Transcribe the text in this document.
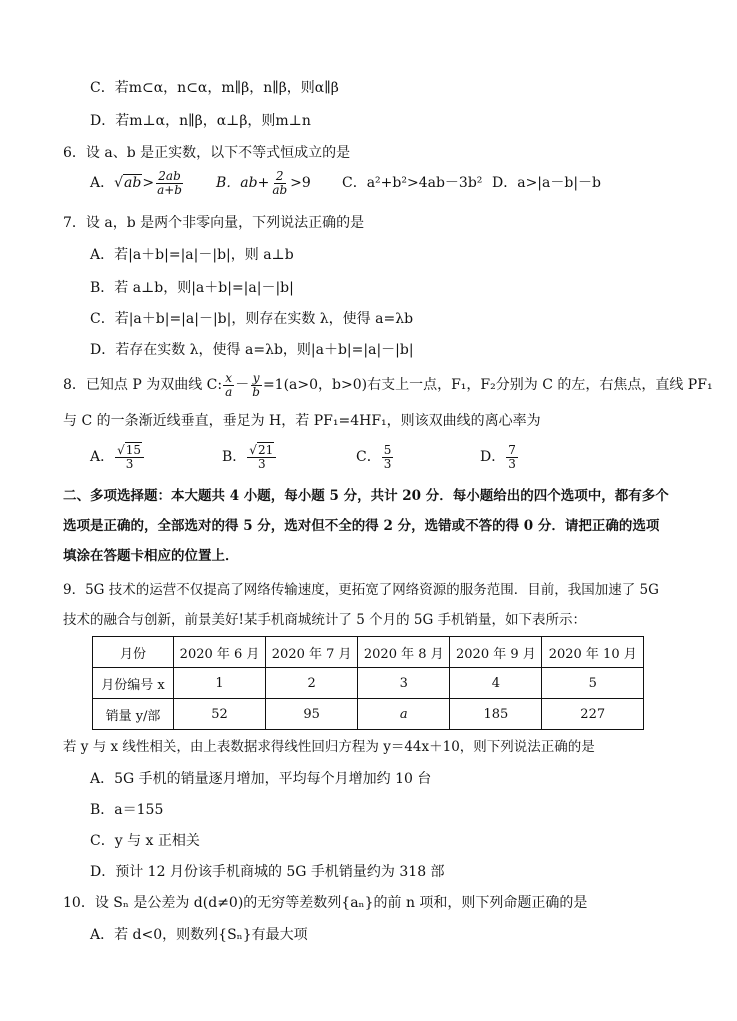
C．若m⊂α，n⊂α，m∥β，n∥β，则α∥β
D．若m⊥α，n∥β，α⊥β，则m⊥n
6．设 a、b 是正实数，以下不等式恒成立的是
A．$√ab> \frac{2ab}{a+b}$ B．$ab+ \frac{2}{ab} >9$ C．a²+b²>4ab－3b² D．a>|a－b|－b
7．设 a，b 是两个非零向量，下列说法正确的是
A．若|a＋b|=|a|－|b|，则 a⊥b
B．若 a⊥b，则|a＋b|=|a|－|b|
C．若|a＋b|=|a|－|b|，则存在实数 λ，使得 a=λb
D．若存在实数 λ，使得 a=λb，则|a＋b|=|a|－|b|
8．已知点 P 为双曲线 C: $\frac{x}{a} - \frac{y}{b} =1(a>0$，b>0)右支上一点，F₁，F₂分别为 C 的左，右焦点，直线 PF₁
与 C 的一条渐近线垂直，垂足为 H，若 PF₁=4HF₁，则该双曲线的离心率为
A． $\frac{√15}{3}$	B． $\frac{√21}{3}$	C． $\frac{5}{3}$	D． $\frac{7}{3}$
二、多项选择题：本大题共 4 小题，每小题 5 分，共计 20 分．每小题给出的四个选项中，都有多个
选项是正确的，全部选对的得 5 分，选对但不全的得 2 分，选错或不答的得 0 分．请把正确的选项
填涂在答题卡相应的位置上．
9．5G 技术的运营不仅提高了网络传输速度，更拓宽了网络资源的服务范围．目前，我国加速了 5G
技术的融合与创新，前景美好!某手机商城统计了 5 个月的 5G 手机销量，如下表所示：
月份	2020 年 6 月	2020 年 7 月	2020 年 8 月	2020 年 9 月	2020 年 10 月
月份编号 x	1	2	3	4	5
销量 y/部	52	95	a	185	227
若 y 与 x 线性相关，由上表数据求得线性回归方程为 y＝44x＋10，则下列说法正确的是
A．5G 手机的销量逐月增加，平均每个月增加约 10 台
B．a＝155
C．y 与 x 正相关
D．预计 12 月份该手机商城的 5G 手机销量约为 318 部
10．设 Sₙ 是公差为 d(d≠0)的无穷等差数列{aₙ}的前 n 项和，则下列命题正确的是
A．若 d<0，则数列{Sₙ}有最大项
